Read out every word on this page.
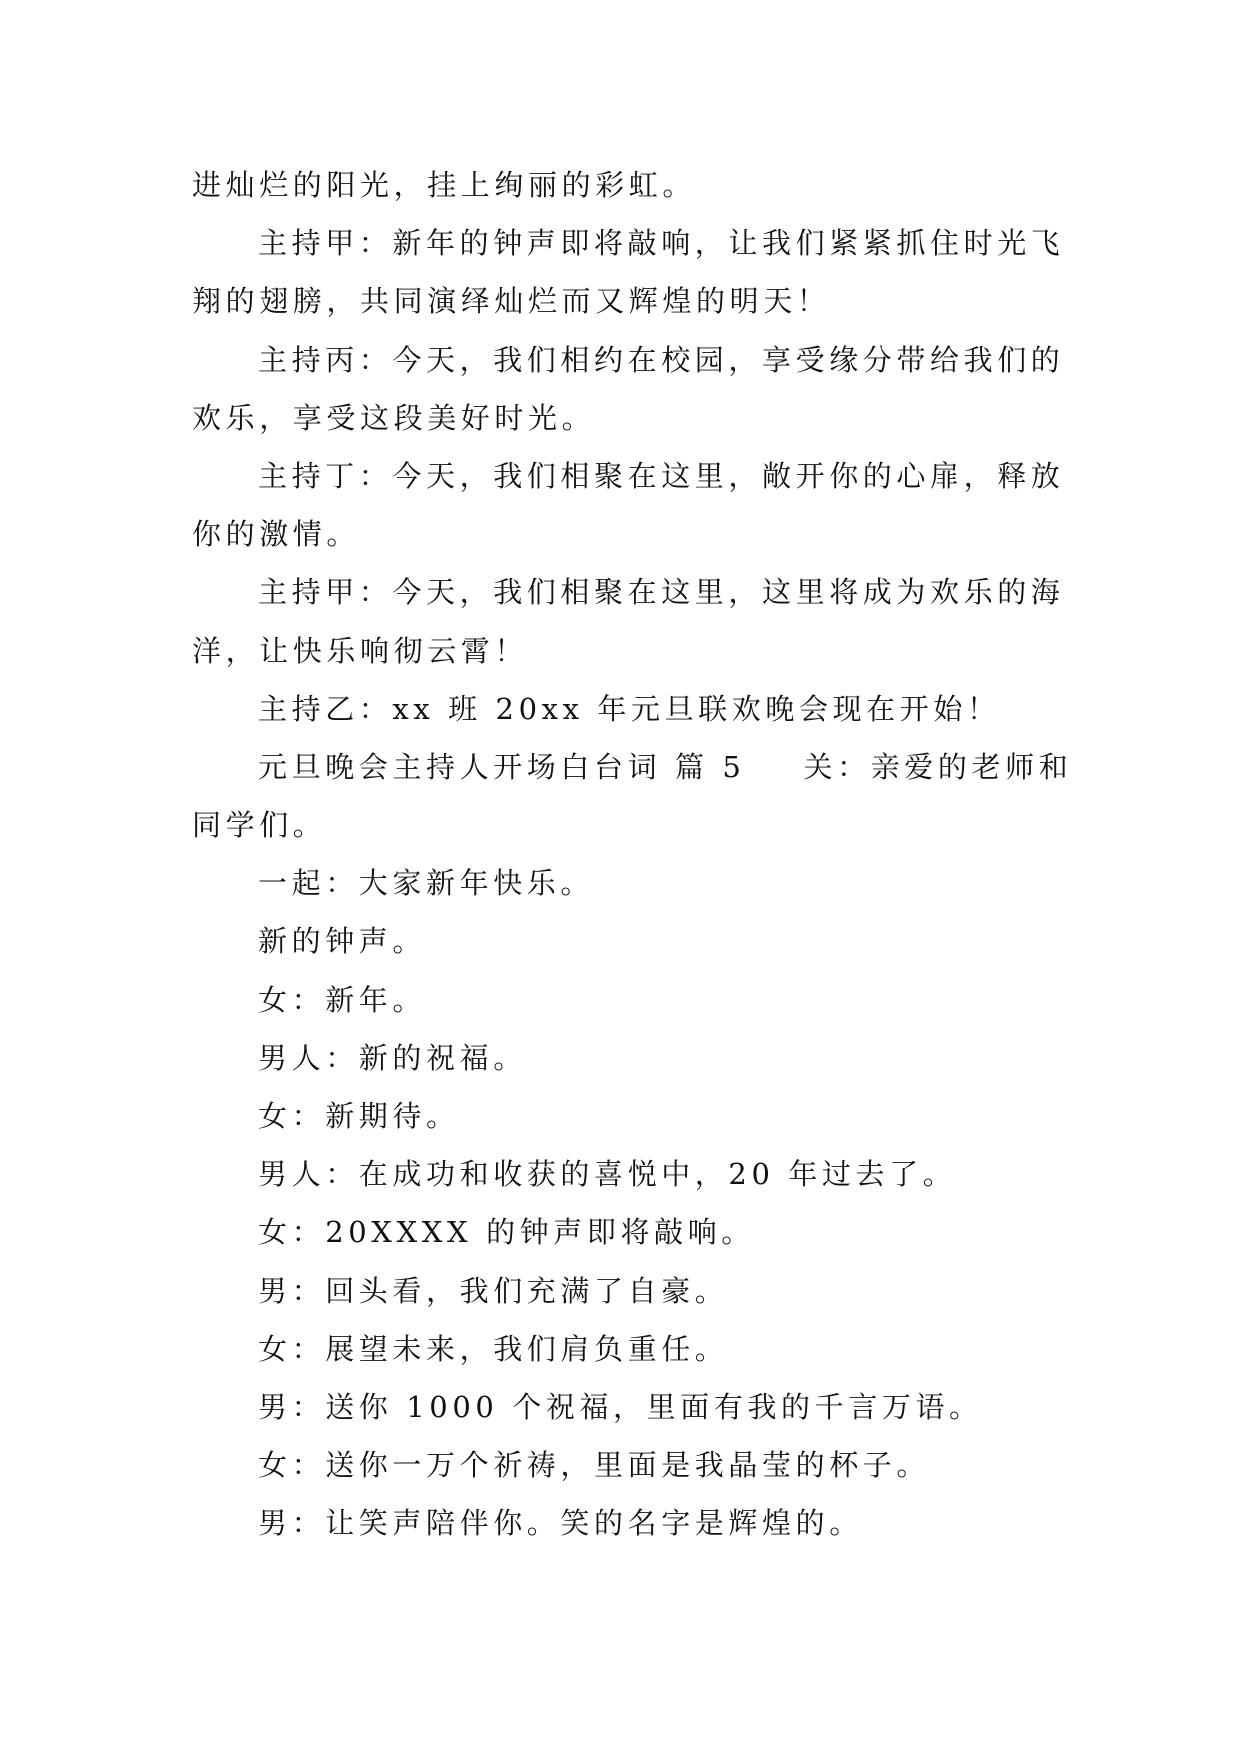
进灿烂的阳光，挂上绚丽的彩虹。

主持甲：新年的钟声即将敲响，让我们紧紧抓住时光飞

翔的翅膀，共同演绎灿烂而又辉煌的明天！

主持丙：今天，我们相约在校园，享受缘分带给我们的

欢乐，享受这段美好时光。

主持丁：今天，我们相聚在这里，敞开你的心扉，释放

你的激情。

主持甲：今天，我们相聚在这里，这里将成为欢乐的海

洋，让快乐响彻云霄！

主持乙：xx 班 20xx 年元旦联欢晚会现在开始！

元旦晚会主持人开场白台词 篇 5 关：亲爱的老师和

同学们。

一起：大家新年快乐。

新的钟声。

女：新年。

男人：新的祝福。

女：新期待。

男人：在成功和收获的喜悦中，20 年过去了。

女：20XXXX 的钟声即将敲响。

男：回头看，我们充满了自豪。

女：展望未来，我们肩负重任。

男：送你 1000 个祝福，里面有我的千言万语。

女：送你一万个祈祷，里面是我晶莹的杯子。

男：让笑声陪伴你。笑的名字是辉煌的。
